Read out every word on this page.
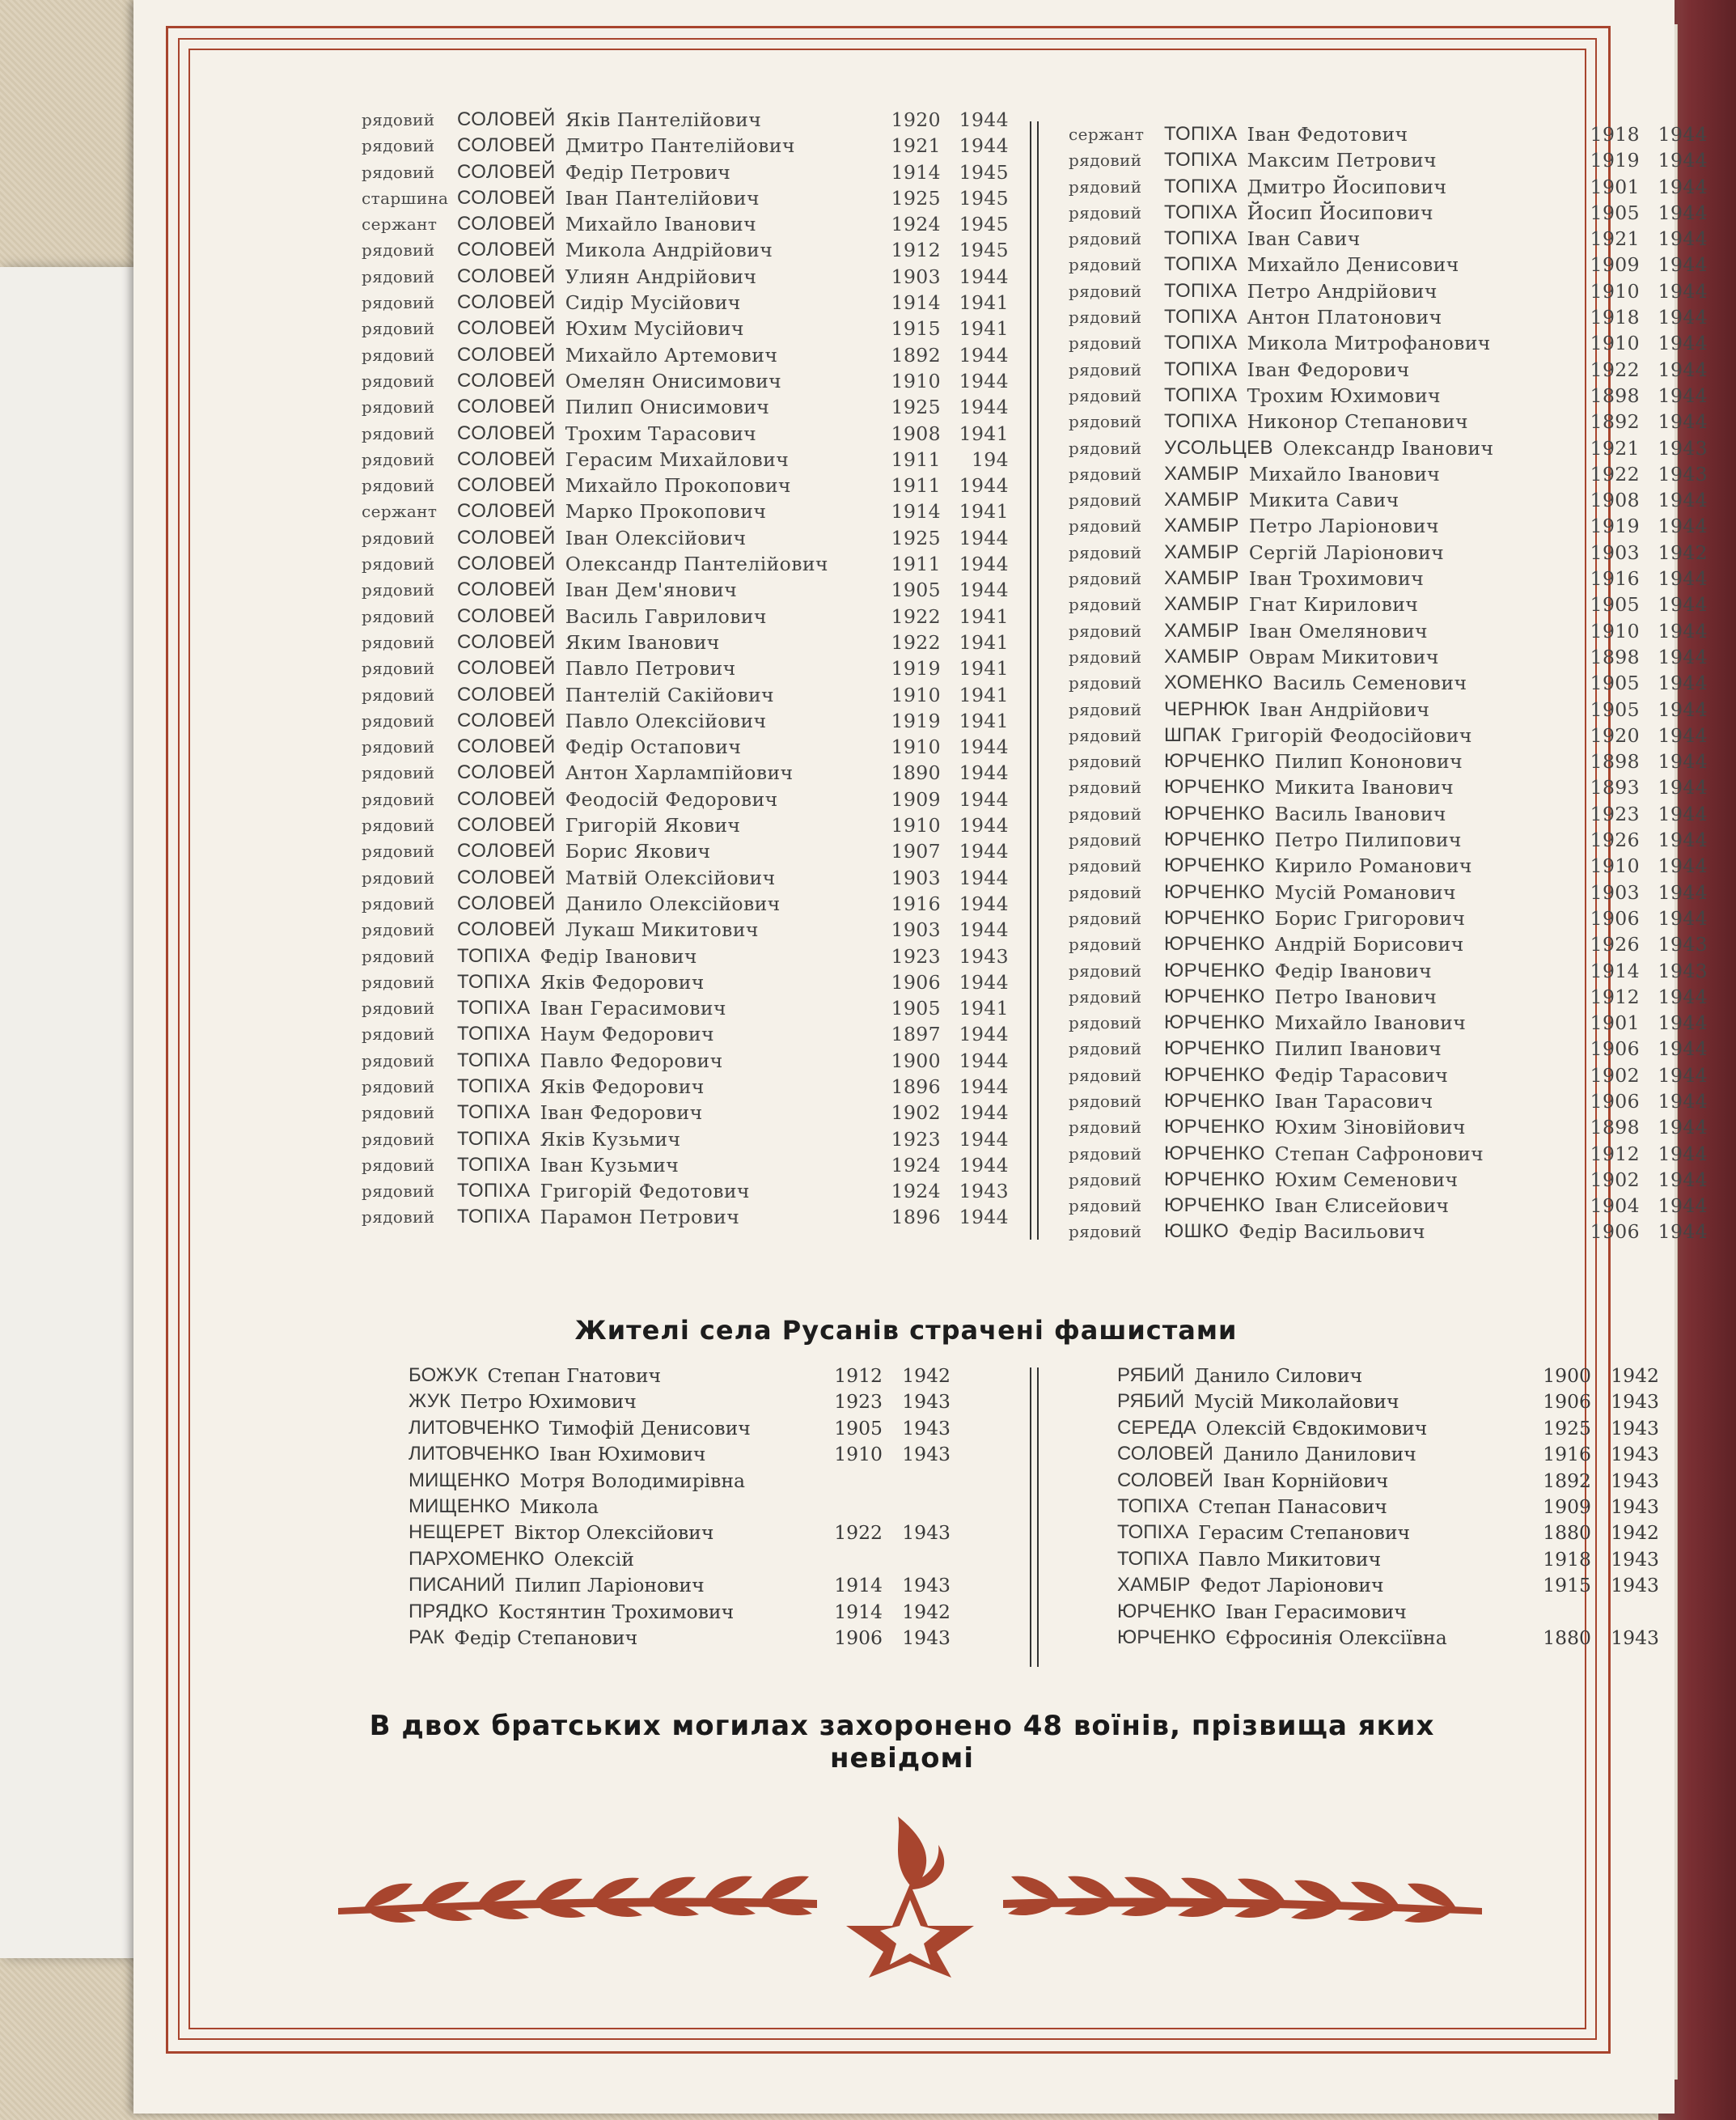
рядовий	СОЛОВЕЙ Яків Пантелійович	1920 1944
рядовий	СОЛОВЕЙ Дмитро Пантелійович	1921 1944
рядовий	СОЛОВЕЙ Федір Петрович	1914 1945
старшина СОЛОВЕЙ Іван Пантелійович	1925 1945
сержант	СОЛОВЕЙ Михайло Іванович	1924 1945
рядовий	СОЛОВЕЙ Микола Андрійович	1912 1945
рядовий	СОЛОВЕЙ Улиян Андрійович	1903 1944
рядовий	СОЛОВЕЙ Сидір Мусійович	1914 1941
рядовий	СОЛОВЕЙ Юхим Мусійович	1915 1941
рядовий	СОЛОВЕЙ Михайло Артемович	1892 1944
рядовий	СОЛОВЕЙ Омелян Онисимович	1910 1944
рядовий	СОЛОВЕЙ Пилип Онисимович	1925 1944
рядовий	СОЛОВЕЙ Трохим Тарасович	1908 1941
рядовий	СОЛОВЕЙ Герасим Михайлович	1911	194
рядовий	СОЛОВЕЙ Михайло Прокопович	1911 1944
сержант	СОЛОВЕЙ Марко Прокопович	1914 1941
рядовий	СОЛОВЕЙ Іван Олексійович	1925 1944
рядовий	СОЛОВЕЙ Олександр Пантелійович	1911 1944
рядовий	СОЛОВЕЙ Іван Дем'янович	1905 1944
рядовий	СОЛОВЕЙ Василь Гаврилович	1922 1941
рядовий	СОЛОВЕЙ Яким Іванович	1922 1941
рядовий	СОЛОВЕЙ Павло Петрович	1919 1941
рядовий	СОЛОВЕЙ Пантелій Сакійович	1910 1941
рядовий	СОЛОВЕЙ Павло Олексійович	1919 1941
рядовий	СОЛОВЕЙ Федір Остапович	1910 1944
рядовий	СОЛОВЕЙ Антон Харлампійович	1890 1944
рядовий	СОЛОВЕЙ Феодосій Федорович	1909 1944
рядовий	СОЛОВЕЙ Григорій Якович	1910 1944
рядовий	СОЛОВЕЙ Борис Якович	1907 1944
рядовий	СОЛОВЕЙ Матвій Олексійович	1903 1944
рядовий	СОЛОВЕЙ Данило Олексійович	1916 1944
рядовий	СОЛОВЕЙ Лукаш Микитович	1903 1944
рядовий	ТОПІХА Федір Іванович	1923 1943
рядовий	ТОПІХА Яків Федорович	1906 1944
рядовий	ТОПІХА Іван Герасимович	1905 1941
рядовий	ТОПІХА Наум Федорович	1897 1944
рядовий	ТОПІХА Павло Федорович	1900 1944
рядовий	ТОПІХА Яків Федорович	1896 1944
рядовий	ТОПІХА Іван Федорович	1902 1944
рядовий	ТОПІХА Яків Кузьмич	1923 1944
рядовий	ТОПІХА Іван Кузьмич	1924 1944
рядовий	ТОПІХА Григорій Федотович	1924 1943
рядовий	ТОПІХА Парамон Петрович	1896 1944
сержант	ТОПІХА Іван Федотович	1918 1944
рядовий	ТОПІХА Максим Петрович	1919 1944
рядовий	ТОПІХА Дмитро Йосипович	1901 1944
рядовий	ТОПІХА Йосип Йосипович	1905 1944
рядовий	ТОПІХА Іван Савич	1921 1944
рядовий	ТОПІХА Михайло Денисович	1909 1944
рядовий	ТОПІХА Петро Андрійович	1910 1944
рядовий	ТОПІХА Антон Платонович	1918 1944
рядовий	ТОПІХА Микола Митрофанович	1910 1944
рядовий	ТОПІХА Іван Федорович	1922 1944
рядовий	ТОПІХА Трохим Юхимович	1898 1944
рядовий	ТОПІХА Никонор Степанович	1892 1944
рядовий	УСОЛЬЦЕВ Олександр Іванович	1921 1943
рядовий	ХАМБІР Михайло Іванович	1922 1943
рядовий	ХАМБІР Микита Савич	1908 1944
рядовий	ХАМБІР Петро Ларіонович	1919 1944
рядовий	ХАМБІР Сергій Ларіонович	1903 1942
рядовий	ХАМБІР Іван Трохимович	1916 1944
рядовий	ХАМБІР Гнат Кирилович	1905 1944
рядовий	ХАМБІР Іван Омелянович	1910 1944
рядовий	ХАМБІР Оврам Микитович	1898 1944
рядовий	ХОМЕНКО Василь Семенович	1905 1944
рядовий	ЧЕРНЮК Іван Андрійович	1905 1944
рядовий	ШПАК Григорій Феодосійович	1920 1944
рядовий	ЮРЧЕНКО Пилип Кононович	1898 1944
рядовий	ЮРЧЕНКО Микита Іванович	1893 1944
рядовий	ЮРЧЕНКО Василь Іванович	1923 1944
рядовий	ЮРЧЕНКО Петро Пилипович	1926 1944
рядовий	ЮРЧЕНКО Кирило Романович	1910 1944
рядовий	ЮРЧЕНКО Мусій Романович	1903 1944
рядовий	ЮРЧЕНКО Борис Григорович	1906 1944
рядовий	ЮРЧЕНКО Андрій Борисович	1926 1943
рядовий	ЮРЧЕНКО Федір Іванович	1914 1943
рядовий	ЮРЧЕНКО Петро Іванович	1912 1944
рядовий	ЮРЧЕНКО Михайло Іванович	1901 1944
рядовий	ЮРЧЕНКО Пилип Іванович	1906 1944
рядовий	ЮРЧЕНКО Федір Тарасович	1902 1944
рядовий	ЮРЧЕНКО Іван Тарасович	1906 1944
рядовий	ЮРЧЕНКО Юхим Зіновійович	1898 1944
рядовий	ЮРЧЕНКО Степан Сафронович	1912 1944
рядовий	ЮРЧЕНКО Юхим Семенович	1902 1944
рядовий	ЮРЧЕНКО Іван Єлисейович	1904 1944
рядовий	ЮШКО Федір Васильович	1906 1944
Жителі села Русанів страчені фашистами
БОЖУК Степан Гнатович	1912	1942
ЖУК Петро Юхимович	1923	1943
ЛИТОВЧЕНКО Тимофій Денисович	1905	1943
ЛИТОВЧЕНКО Іван Юхимович	1910	1943
МИЩЕНКО Мотря Володимирівна
МИЩЕНКО Микола
НЕЩЕРЕТ Віктор Олексійович	1922	1943
ПАРХОМЕНКО Олексій
ПИСАНИЙ Пилип Ларіонович	1914	1943
ПРЯДКО Костянтин Трохимович	1914	1942
РАК Федір Степанович	1906	1943
РЯБИЙ Данило Силович	1900	1942
РЯБИЙ Мусій Миколайович	1906	1943
СЕРЕДА Олексій Євдокимович	1925	1943
СОЛОВЕЙ Данило Данилович	1916	1943
СОЛОВЕЙ Іван Корнійович	1892	1943
ТОПІХА Степан Панасович	1909	1943
ТОПІХА Герасим Степанович	1880	1942
ТОПІХА Павло Микитович	1918	1943
ХАМБІР Федот Ларіонович	1915	1943
ЮРЧЕНКО Іван Герасимович
ЮРЧЕНКО Єфросинія Олексіївна	1880	1943
В двох братських могилах захоронено 48 воїнів, прізвища яких невідомі
